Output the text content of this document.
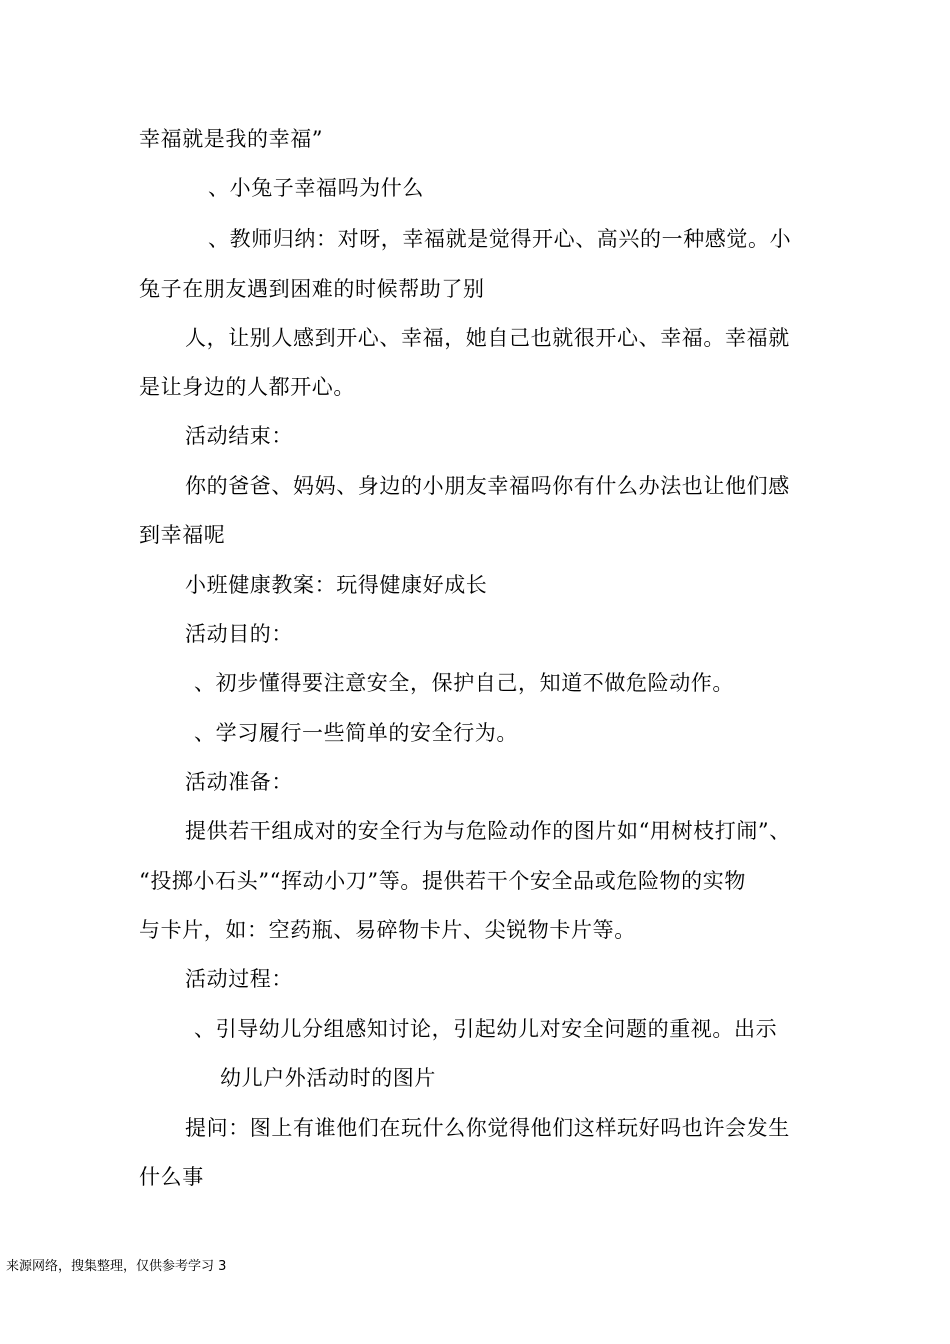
幸福就是我的幸福”
、小兔子幸福吗为什么
、教师归纳：对呀，幸福就是觉得开心、高兴的一种感觉。小
兔子在朋友遇到困难的时候帮助了别
人，让别人感到开心、幸福，她自己也就很开心、幸福。幸福就
是让身边的人都开心。
活动结束：
你的爸爸、妈妈、身边的小朋友幸福吗你有什么办法也让他们感
到幸福呢
小班健康教案：玩得健康好成长
活动目的：
、初步懂得要注意安全，保护自己，知道不做危险动作。
、学习履行一些简单的安全行为。
活动准备：
提供若干组成对的安全行为与危险动作的图片如“用树枝打闹”、
“投掷小石头”“挥动小刀”等。提供若干个安全品或危险物的实物
与卡片，如：空药瓶、易碎物卡片、尖锐物卡片等。
活动过程：
、引导幼儿分组感知讨论，引起幼儿对安全问题的重视。出示
幼儿户外活动时的图片
提问：图上有谁他们在玩什么你觉得他们这样玩好吗也许会发生
什么事
来源网络，搜集整理，仅供参考学习 3
